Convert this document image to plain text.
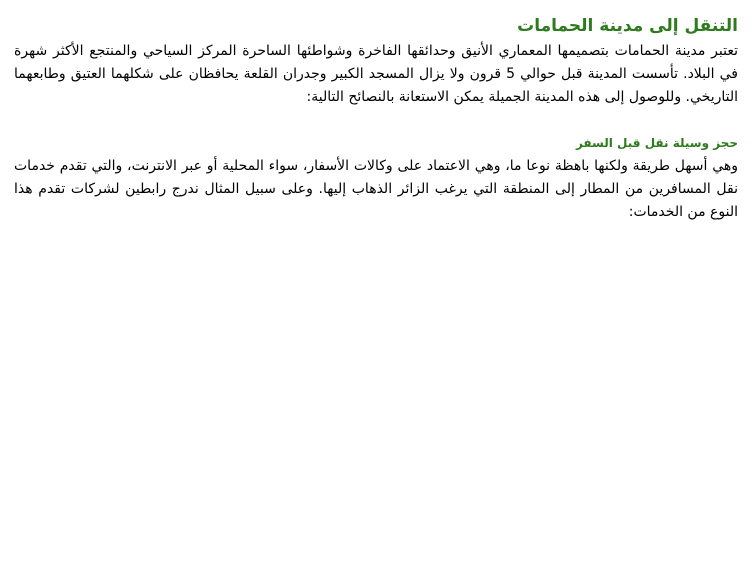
التنقل إلى مدينة الحمامات

تعتبر مدينة الحمامات بتصميمها المعماري الأنيق وحدائقها الفاخرة وشواطئها الساحرة المركز السياحي والمنتجع الأكثر شهرة في البلاد. تأسست المدينة قبل حوالي 5 قرون ولا يزال المسجد الكبير وجدران القلعة يحافظان على شكلهما العتيق وطابعهما التاريخي. وللوصول إلى هذه المدينة الجميلة يمكن الاستعانة بالنصائح التالية:

حجز وسيلة نقل قبل السفر

وهي أسهل طريقة ولكنها باهظة نوعا ما، وهي الاعتماد على وكالات الأسفار، سواء المحلية أو عبر الانترنت، والتي تقدم خدمات نقل المسافرين من المطار إلى المنطقة التي يرغب الزائر الذهاب إليها. وعلى سبيل المثال ندرج رابطين لشركات تقدم هذا النوع من الخدمات:
